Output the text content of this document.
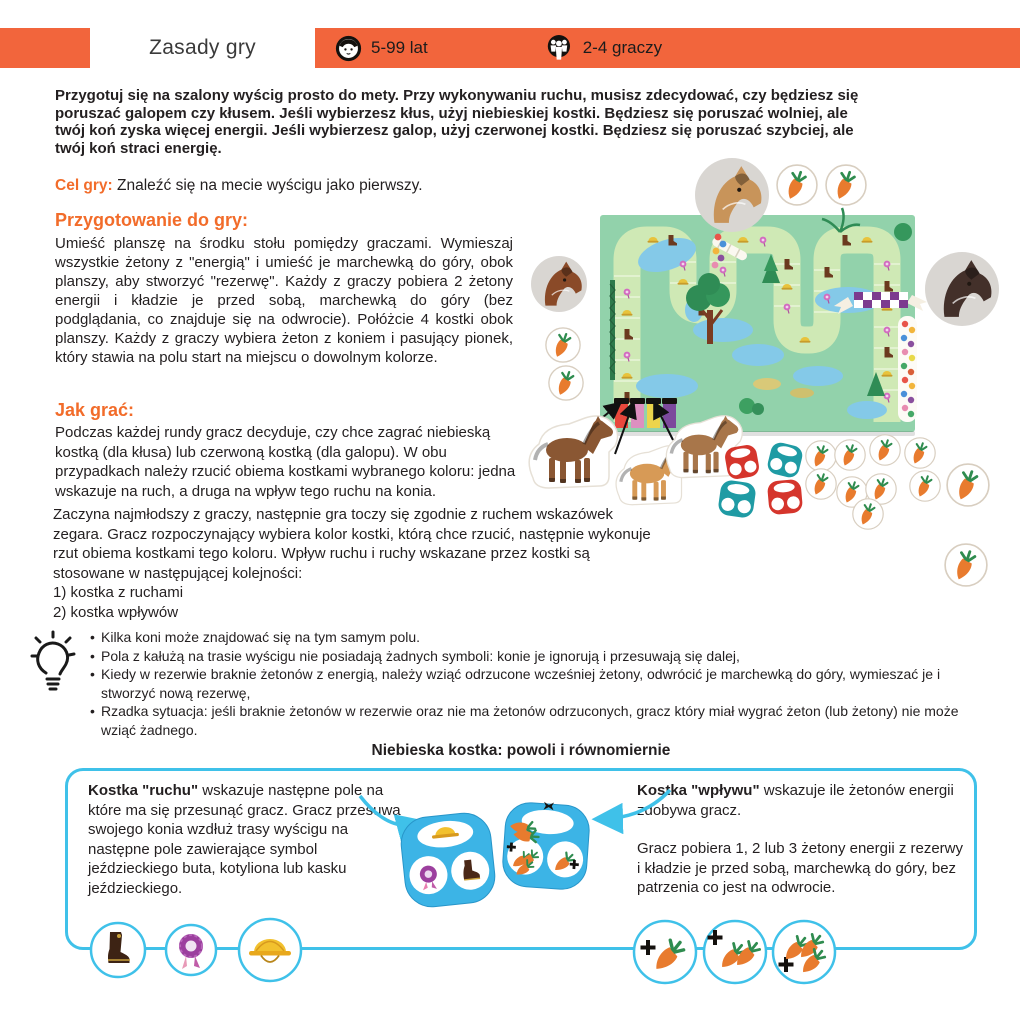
Zasady gry	5-99 lat	2-4 graczy
Przygotuj się na szalony wyścig prosto do mety. Przy wykonywaniu ruchu, musisz zdecydować, czy będziesz się poruszać galopem czy kłusem. Jeśli wybierzesz kłus, użyj niebieskiej kostki. Będziesz się poruszać wolniej, ale twój koń zyska więcej energii. Jeśli wybierzesz galop, użyj czerwonej kostki. Będziesz się poruszać szybciej, ale twój koń straci energię.
Cel gry: Znaleźć się na mecie wyścigu jako pierwszy.
Przygotowanie do gry:
Umieść planszę na środku stołu pomiędzy graczami. Wymieszaj wszystkie żetony z "energią" i umieść je marchewką do góry, obok planszy, aby stworzyć "rezerwę". Każdy z graczy pobiera 2 żetony energii i kładzie je przed sobą, marchewką do góry (bez podglądania, co znajduje się na odwrocie). Połóżcie 4 kostki obok planszy. Każdy z graczy wybiera żeton z koniem i pasujący pionek, który stawia na polu start na miejscu o dowolnym kolorze.
Jak grać:
Podczas każdej rundy gracz decyduje, czy chce zagrać niebieską kostką (dla kłusa) lub czerwoną kostką (dla galopu). W obu przypadkach należy rzucić obiema kostkami wybranego koloru: jedna wskazuje na ruch, a druga na wpływ tego ruchu na konia.
Zaczyna najmłodszy z graczy, następnie gra toczy się zgodnie z ruchem wskazówek zegara. Gracz rozpoczynający wybiera kolor kostki, którą chce rzucić, następnie wykonuje rzut obiema kostkami tego koloru. Wpływ ruchu i ruchy wskazane przez kostki są stosowane w następującej kolejności:
1) kostka z ruchami
2) kostka wpływów
• Kilka koni może znajdować się na tym samym polu.
• Pola z kałużą na trasie wyścigu nie posiadają żadnych symboli: konie je ignorują i przesuwają się dalej,
• Kiedy w rezerwie braknie żetonów z energią, należy wziąć odrzucone wcześniej żetony, odwrócić je marchewką do góry, wymieszać je i stworzyć nową rezerwę,
• Rzadka sytuacja: jeśli braknie żetonów w rezerwie oraz nie ma żetonów odrzuconych, gracz który miał wygrać żeton (lub żetony) nie może wziąć żadnego.
Niebieska kostka: powoli i równomiernie
Kostka "ruchu" wskazuje następne pole na które ma się przesunąć gracz. Gracz przesuwa swojego konia wzdłuż trasy wyścigu na następne pole zawierające symbol jeździeckiego buta, kotyliona lub kasku jeździeckiego.
Kostka "wpływu" wskazuje ile żetonów energii zdobywa gracz.
Gracz pobiera 1, 2 lub 3 żetony energii z rezerwy i kładzie je przed sobą, marchewką do góry, bez patrzenia co jest na odwrocie.
